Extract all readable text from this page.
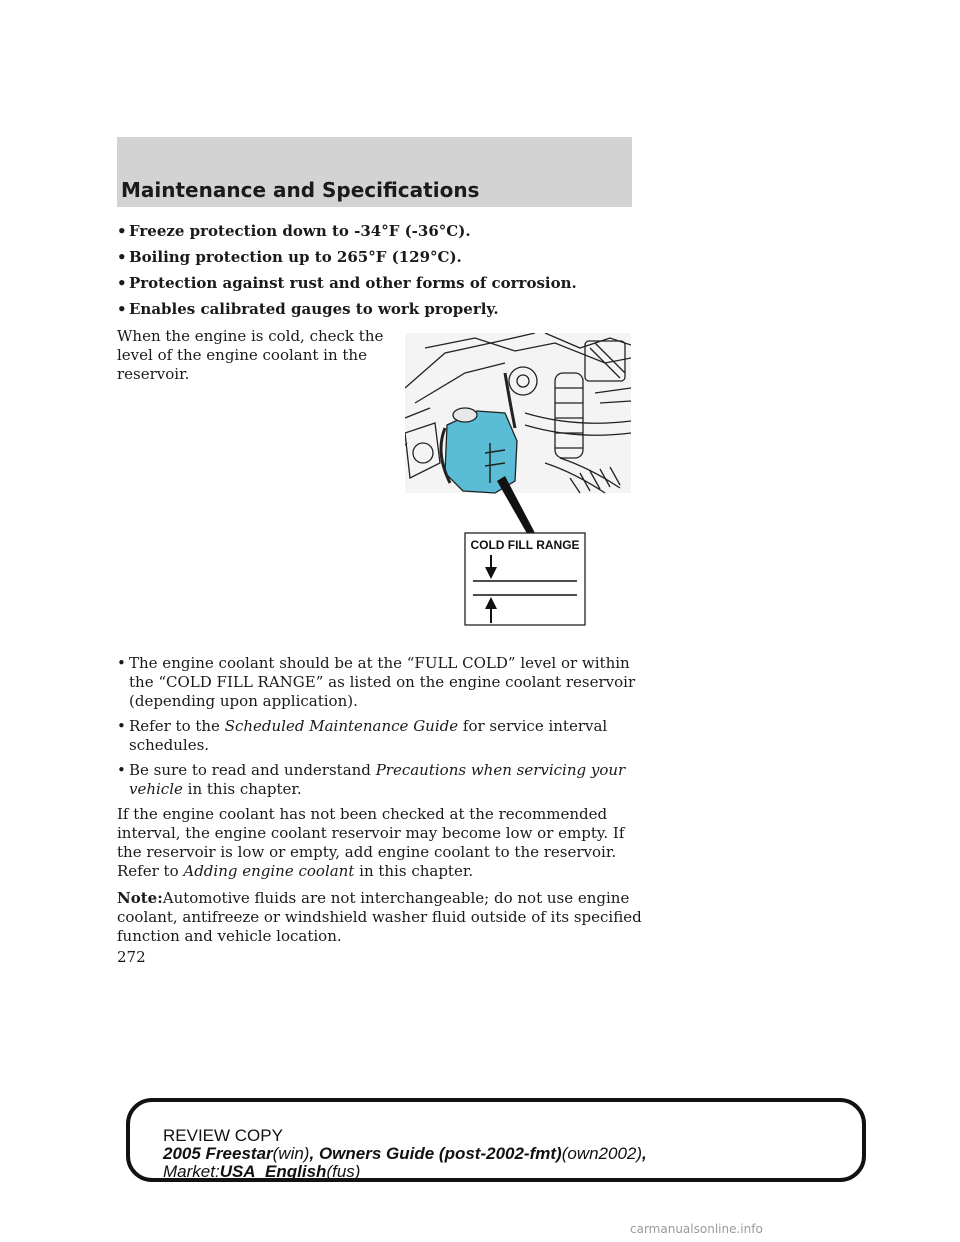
Maintenance and Specifications
• Freeze protection down to -34°F (-36°C).
• Boiling protection up to 265°F (129°C).
• Protection against rust and other forms of corrosion.
• Enables calibrated gauges to work properly.
When the engine is cold, check the level of the engine coolant in the reservoir.
COLD FILL RANGE
• The engine coolant should be at the “FULL COLD” level or within the “COLD FILL RANGE” as listed on the engine coolant reservoir (depending upon application).
• Refer to the Scheduled Maintenance Guide for service interval schedules.
• Be sure to read and understand Precautions when servicing your vehicle in this chapter.
If the engine coolant has not been checked at the recommended interval, the engine coolant reservoir may become low or empty. If the reservoir is low or empty, add engine coolant to the reservoir. Refer to Adding engine coolant in this chapter.
Note:Automotive fluids are not interchangeable; do not use engine coolant, antifreeze or windshield washer fluid outside of its specified function and vehicle location.
272
REVIEW COPY
2005 Freestar(win), Owners Guide (post-2002-fmt)(own2002),
Market:USA_English(fus)
carmanualsonline.info
